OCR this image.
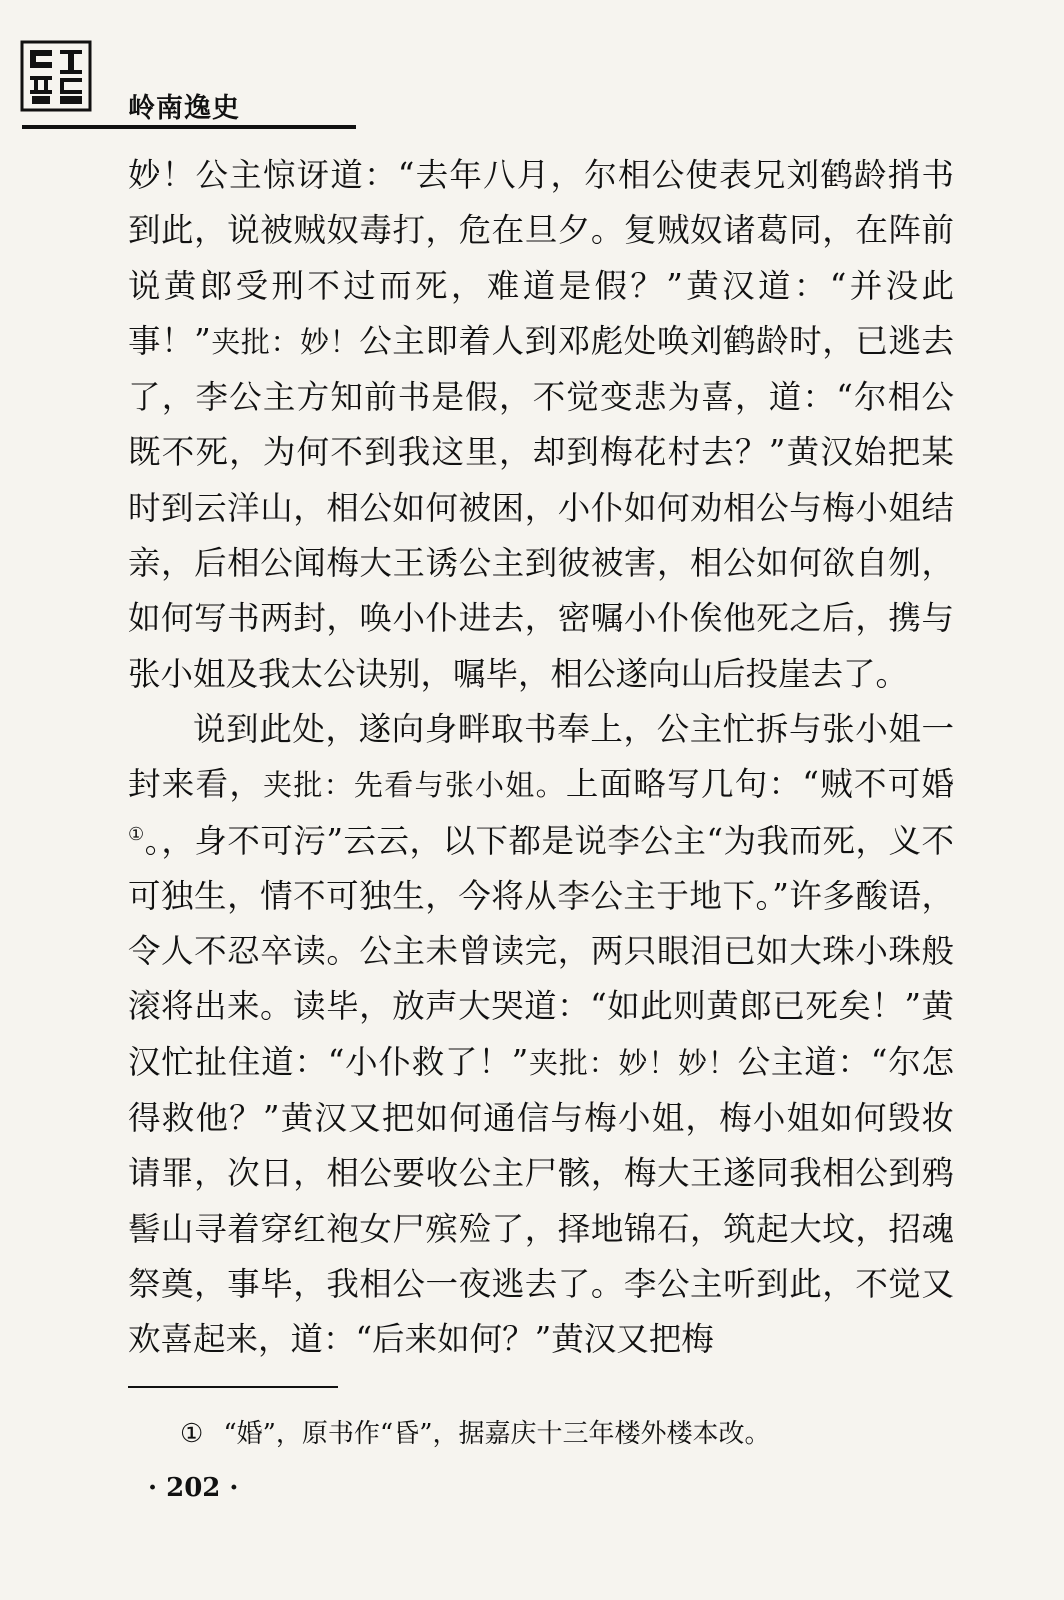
岭南逸史

妙！公主惊讶道：“去年八月，尔相公使表兄刘鹤龄捎书到此，说被贼奴毒打，危在旦夕。复贼奴诸葛同，在阵前说黄郎受刑不过而死，难道是假？”黄汉道：“并没此事！”夹批：妙！公主即着人到邓彪处唤刘鹤龄时，已逃去了，李公主方知前书是假，不觉变悲为喜，道：“尔相公既不死，为何不到我这里，却到梅花村去？”黄汉始把某时到云洋山，相公如何被困，小仆如何劝相公与梅小姐结亲，后相公闻梅大王诱公主到彼被害，相公如何欲自刎，如何写书两封，唤小仆进去，密嘱小仆俟他死之后，携与张小姐及我太公诀别，嘱毕，相公遂向山后投崖去了。

说到此处，遂向身畔取书奉上，公主忙拆与张小姐一封来看，夹批：先看与张小姐。上面略写几句：“贼不可婚①。，身不可污”云云，以下都是说李公主“为我而死，义不可独生，情不可独生，今将从李公主于地下。”许多酸语，令人不忍卒读。公主未曾读完，两只眼泪已如大珠小珠般滚将出来。读毕，放声大哭道：“如此则黄郎已死矣！”黄汉忙扯住道：“小仆救了！”夹批：妙！妙！公主道：“尔怎得救他？”黄汉又把如何通信与梅小姐，梅小姐如何毁妆请罪，次日，相公要收公主尸骸，梅大王遂同我相公到鸦髻山寻着穿红袍女尸殡殓了，择地锦石，筑起大坟，招魂祭奠，事毕，我相公一夜逃去了。李公主听到此，不觉又欢喜起来，道：“后来如何？”黄汉又把梅

① “婚”，原书作“昏”，据嘉庆十三年楼外楼本改。
· 202 ·
